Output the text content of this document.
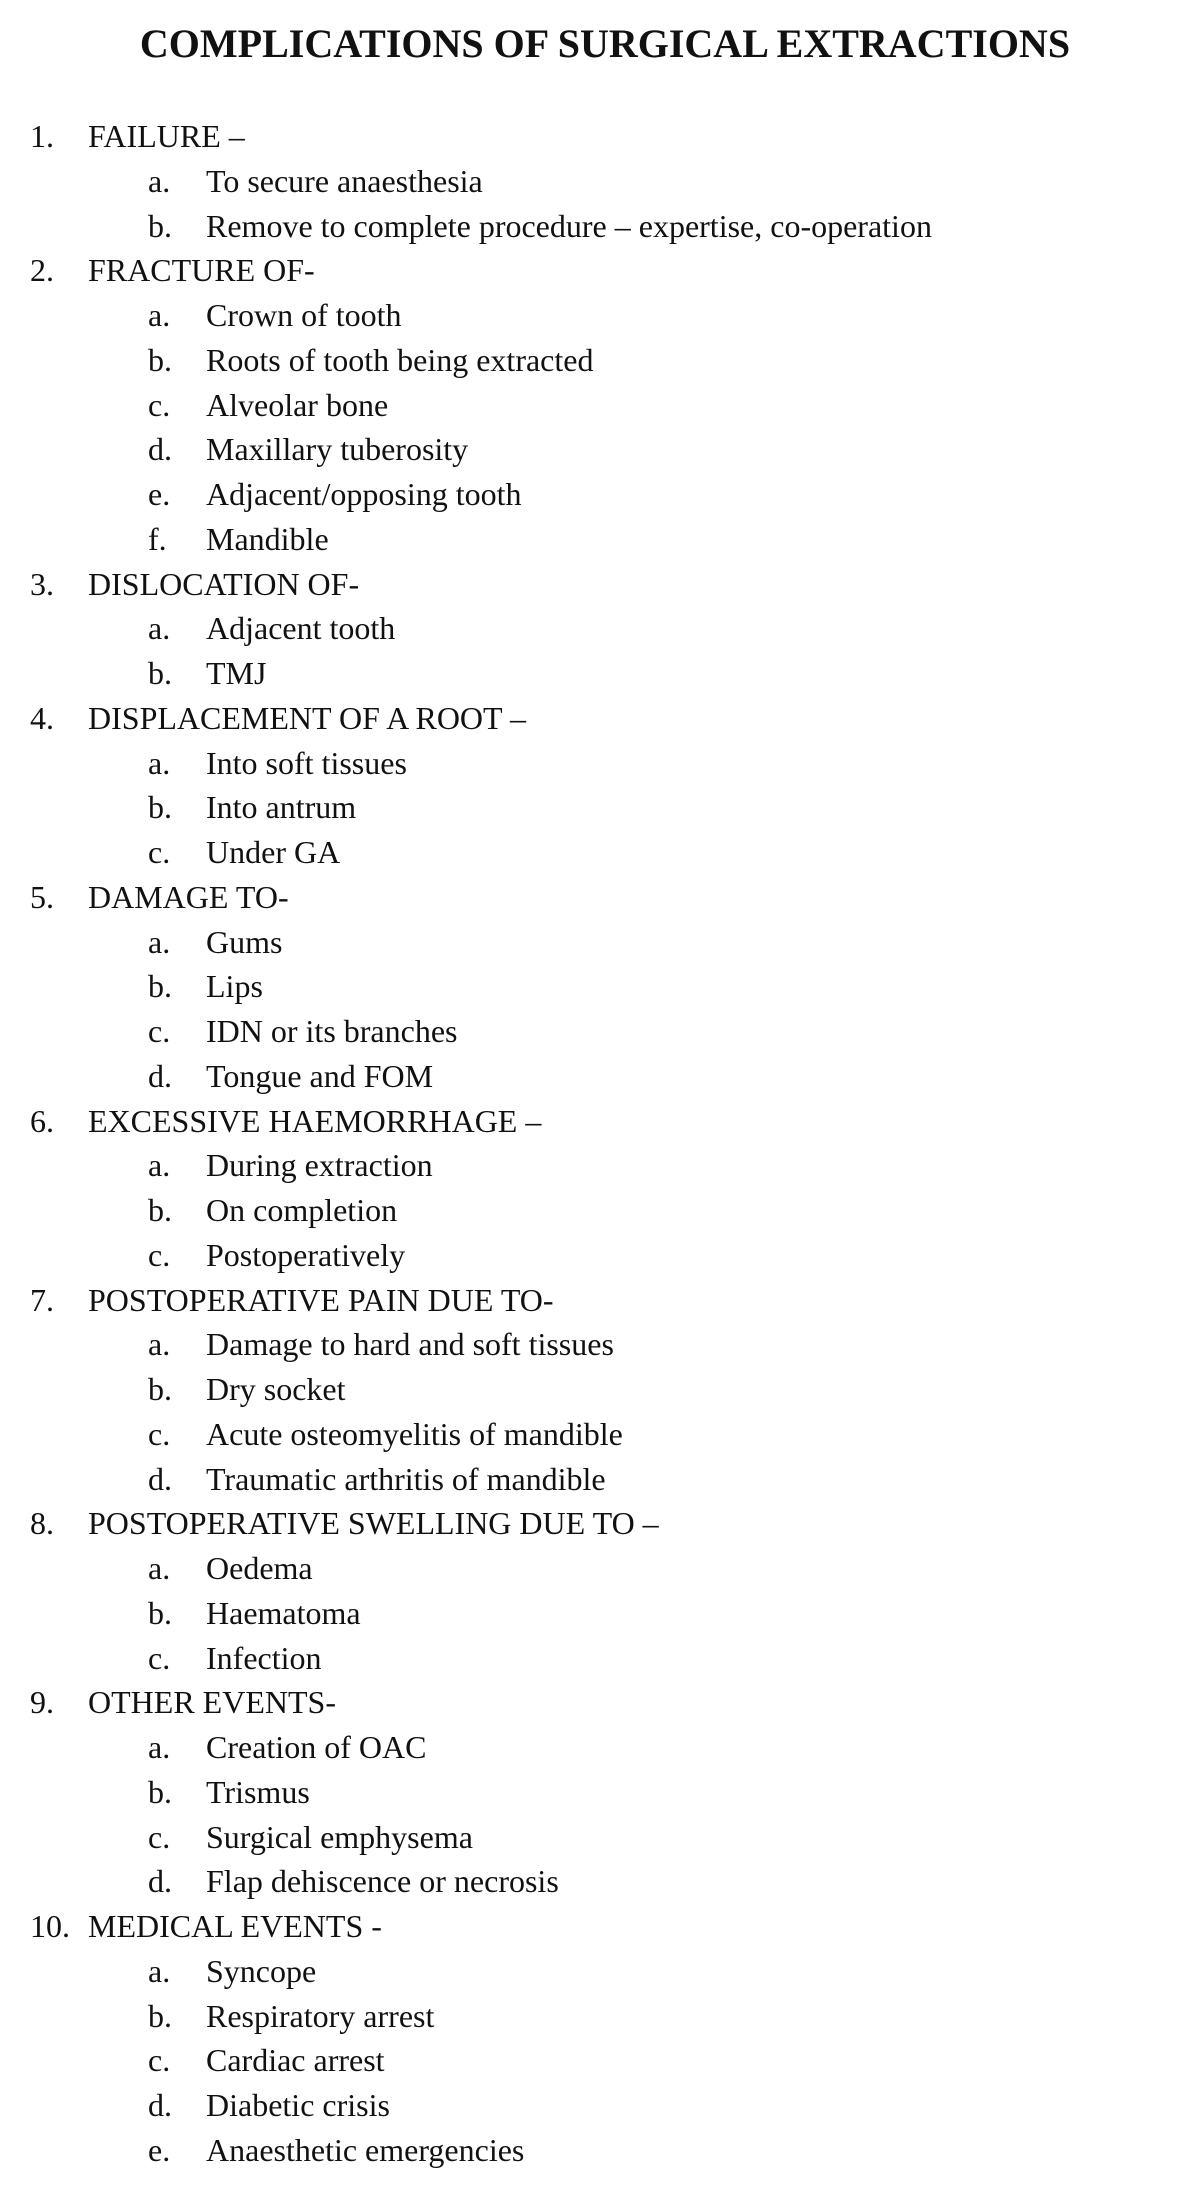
COMPLICATIONS OF SURGICAL EXTRACTIONS
1. FAILURE –
a. To secure anaesthesia
b. Remove to complete procedure – expertise, co-operation
2. FRACTURE OF-
a. Crown of tooth
b. Roots of tooth being extracted
c. Alveolar bone
d. Maxillary tuberosity
e. Adjacent/opposing tooth
f. Mandible
3. DISLOCATION OF-
a. Adjacent tooth
b. TMJ
4. DISPLACEMENT OF A ROOT –
a. Into soft tissues
b. Into antrum
c. Under GA
5. DAMAGE TO-
a. Gums
b. Lips
c. IDN or its branches
d. Tongue and FOM
6. EXCESSIVE HAEMORRHAGE –
a. During extraction
b. On completion
c. Postoperatively
7. POSTOPERATIVE PAIN DUE TO-
a. Damage to hard and soft tissues
b. Dry socket
c. Acute osteomyelitis of mandible
d. Traumatic arthritis of mandible
8. POSTOPERATIVE SWELLING DUE TO –
a. Oedema
b. Haematoma
c. Infection
9. OTHER EVENTS-
a. Creation of OAC
b. Trismus
c. Surgical emphysema
d. Flap dehiscence or necrosis
10. MEDICAL EVENTS -
a. Syncope
b. Respiratory arrest
c. Cardiac arrest
d. Diabetic crisis
e. Anaesthetic emergencies
